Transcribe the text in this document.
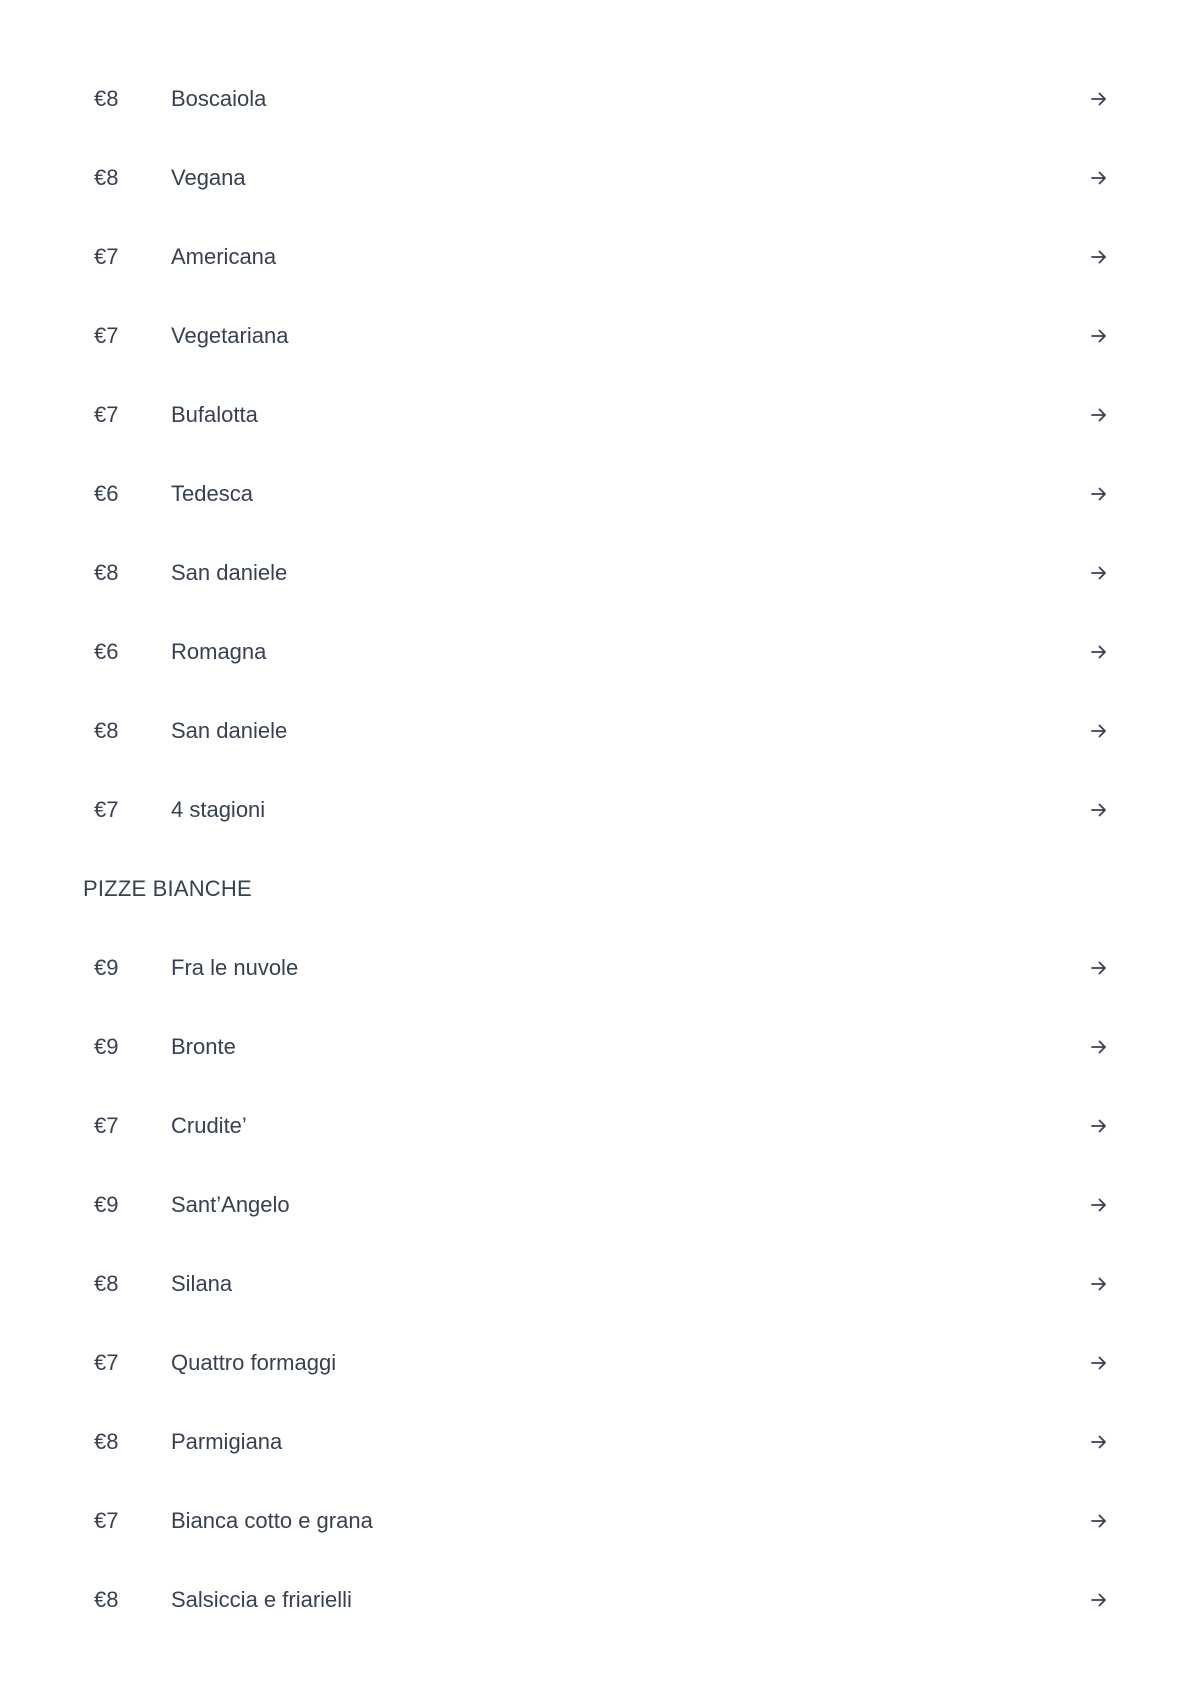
€8 Boscaiola
€8 Vegana
€7 Americana
€7 Vegetariana
€7 Bufalotta
€6 Tedesca
€8 San daniele
€6 Romagna
€8 San daniele
€7 4 stagioni
PIZZE BIANCHE
€9 Fra le nuvole
€9 Bronte
€7 Crudite’
€9 Sant’Angelo
€8 Silana
€7 Quattro formaggi
€8 Parmigiana
€7 Bianca cotto e grana
€8 Salsiccia e friarielli
